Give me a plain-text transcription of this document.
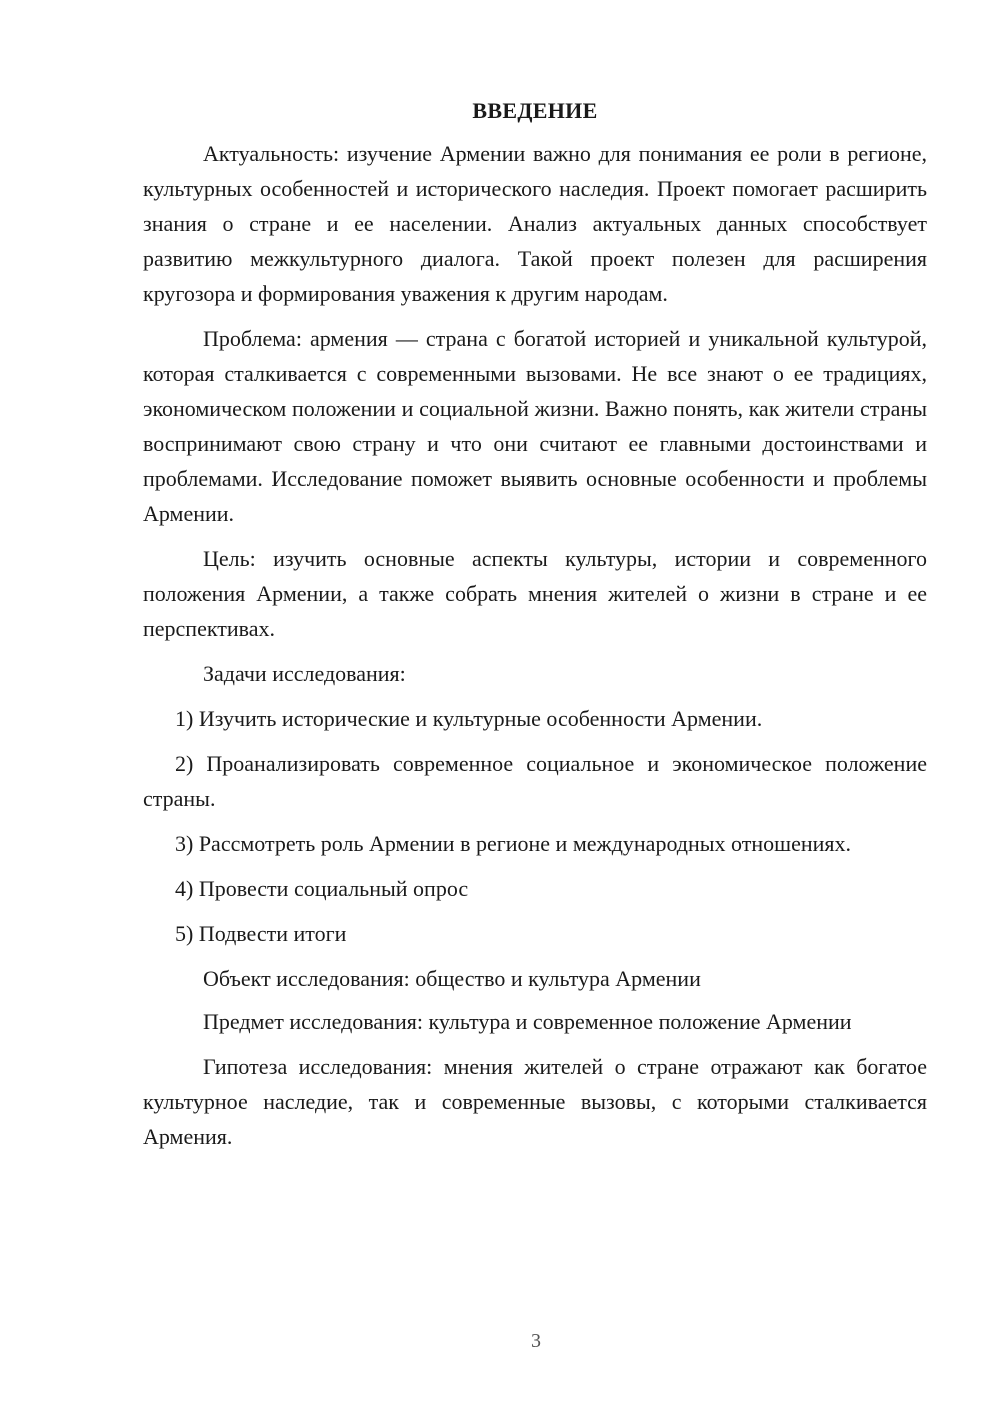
ВВЕДЕНИЕ

Актуальность: изучение Армении важно для понимания ее роли в регионе, культурных особенностей и исторического наследия. Проект помогает расширить знания о стране и ее населении. Анализ актуальных данных способствует развитию межкультурного диалога. Такой проект полезен для расширения кругозора и формирования уважения к другим народам.

Проблема: армения — страна с богатой историей и уникальной культурой, которая сталкивается с современными вызовами. Не все знают о ее традициях, экономическом положении и социальной жизни. Важно понять, как жители страны воспринимают свою страну и что они считают ее главными достоинствами и проблемами. Исследование поможет выявить основные особенности и проблемы Армении.

Цель: изучить основные аспекты культуры, истории и современного положения Армении, а также собрать мнения жителей о жизни в стране и ее перспективах.

Задачи исследования:

1) Изучить исторические и культурные особенности Армении.

2) Проанализировать современное социальное и экономическое положение страны.

3) Рассмотреть роль Армении в регионе и международных отношениях.

4) Провести социальный опрос

5) Подвести итоги

Объект исследования: общество и культура Армении

Предмет исследования: культура и современное положение Армении

Гипотеза исследования: мнения жителей о стране отражают как богатое культурное наследие, так и современные вызовы, с которыми сталкивается Армения.

3
